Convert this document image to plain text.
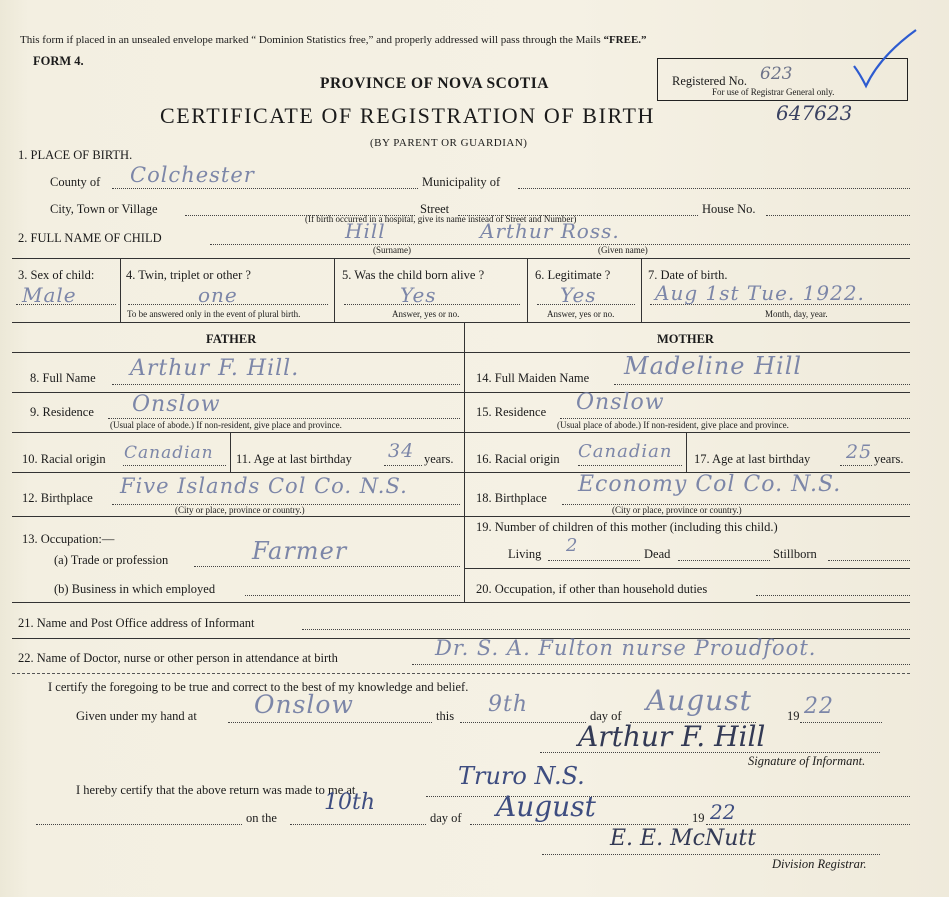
This form if placed in an unsealed envelope marked “ Dominion Statistics free,” and properly addressed will pass through the Mails “FREE.”
FORM 4.
Registered No. 623
For use of Registrar General only.
PROVINCE OF NOVA SCOTIA
CERTIFICATE OF REGISTRATION OF BIRTH	647623
(BY PARENT OR GUARDIAN)
1. PLACE OF BIRTH.
County of Colchester	Municipality of
City, Town or Village	Street	House No.
(If birth occurred in a hospital, give its name instead of Street and Number)
2. FULL NAME OF CHILD	Hill	Arthur Ross.
(Surname)	(Given name)
3. Sex of child:
Male
4. Twin, triplet or other ?
one
To be answered only in the event of plural birth.
5. Was the child born alive ?
Yes
Answer, yes or no.
6. Legitimate ?
Yes
Answer, yes or no.
7. Date of birth.
Aug 1st Tue. 1922.
Month, day, year.
FATHER	MOTHER
8. Full Name Arthur F. Hill.
9. Residence Onslow
(Usual place of abode.) If non-resident, give place and province.
10. Racial origin Canadian 11. Age at last birthday 34 years.
12. Birthplace Five Islands Col Co. N.S.
(City or place, province or country.)
13. Occupation:—
(a) Trade or profession	Farmer
(b) Business in which employed
14. Full Maiden Name Madeline Hill
15. Residence Onslow
(Usual place of abode.) If non-resident, give place and province.
16. Racial origin Canadian 17. Age at last birthday 25 years.
18. Birthplace
Economy Col Co. N.S.
(City or place, province or country.)
19. Number of children of this mother (including this child.)
Living 2	Dead	Stillborn
20. Occupation, if other than household duties
21. Name and Post Office address of Informant
22. Name of Doctor, nurse or other person in attendance at birth	Dr. S. A. Fulton nurse Proudfoot.
I certify the foregoing to be true and correct to the best of my knowledge and belief.
Given under my hand at Onslow	this 9th	day of August	19 22
Arthur F. Hill
Signature of Informant.
I hereby certify that the above return was made to me at	Truro N.S.
on the
10th
day of August	19 22
E. E. McNutt
Division Registrar.
